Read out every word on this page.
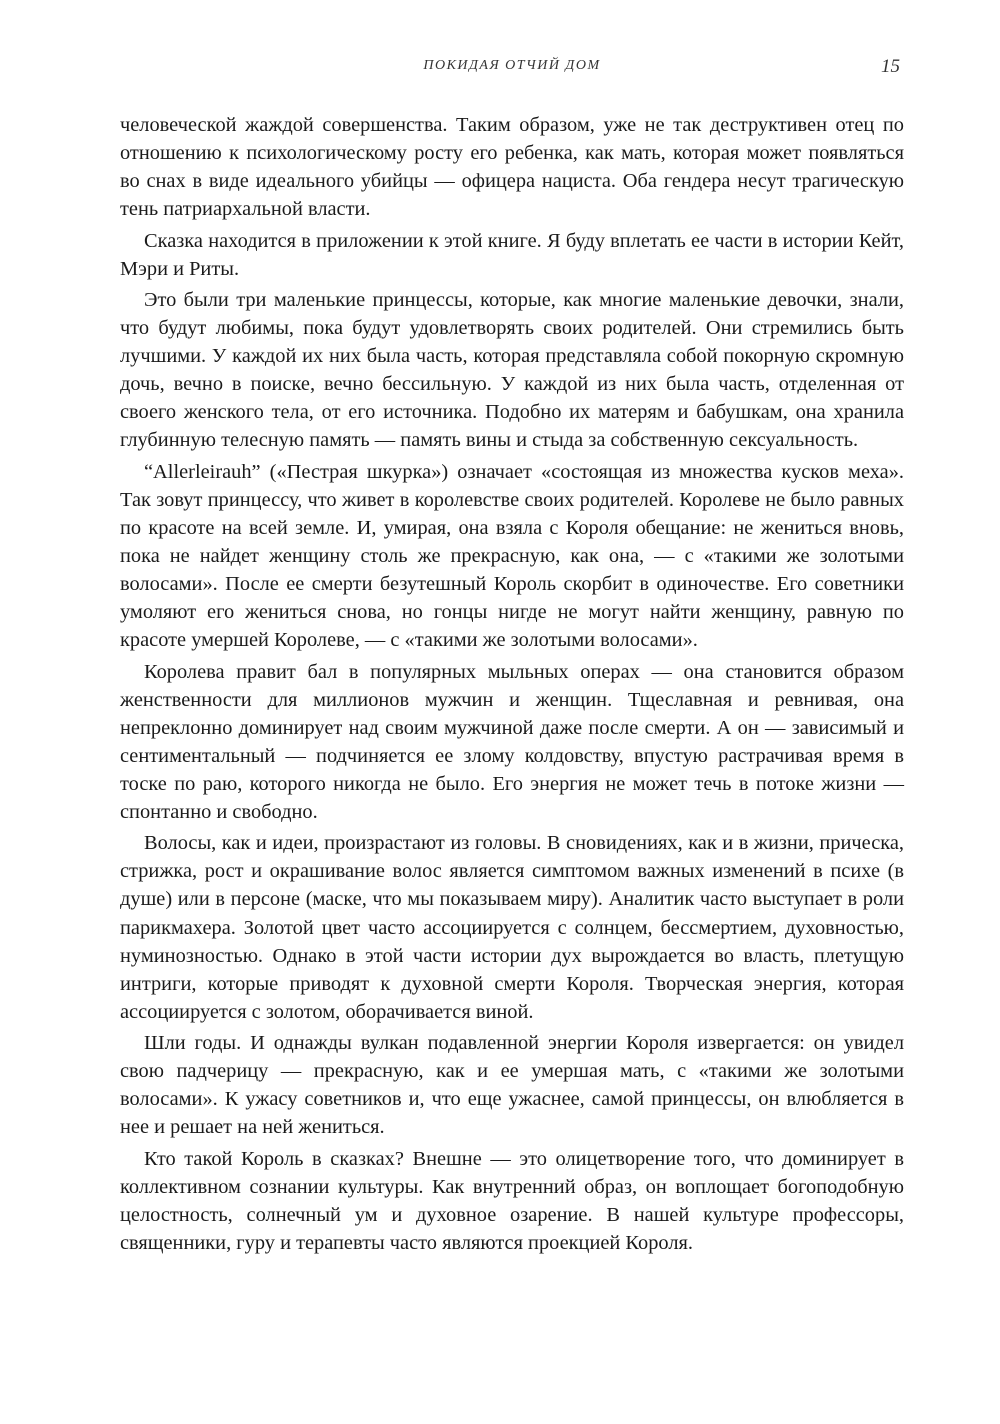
ПОКИДАЯ ОТЧИЙ ДОМ	15

человеческой жаждой совершенства. Таким образом, уже не так деструктивен отец по отношению к психологическому росту его ребенка, как мать, которая может появляться во снах в виде идеального убийцы — офицера нациста. Оба гендера несут трагическую тень патриархальной власти.

Сказка находится в приложении к этой книге. Я буду вплетать ее части в истории Кейт, Мэри и Риты.

Это были три маленькие принцессы, которые, как многие маленькие девочки, знали, что будут любимы, пока будут удовлетворять своих родителей. Они стремились быть лучшими. У каждой их них была часть, которая представляла собой покорную скромную дочь, вечно в поиске, вечно бессильную. У каждой из них была часть, отделенная от своего женского тела, от его источника. Подобно их матерям и бабушкам, она хранила глубинную телесную память — память вины и стыда за собственную сексуальность.

“Allerleirauh” («Пестрая шкурка») означает «состоящая из множества кусков меха». Так зовут принцессу, что живет в королевстве своих родителей. Королеве не было равных по красоте на всей земле. И, умирая, она взяла с Короля обещание: не жениться вновь, пока не найдет женщину столь же прекрасную, как она, — с «такими же золотыми волосами». После ее смерти безутешный Король скорбит в одиночестве. Его советники умоляют его жениться снова, но гонцы нигде не могут найти женщину, равную по красоте умершей Королеве, — с «такими же золотыми волосами».

Королева правит бал в популярных мыльных операх — она становится образом женственности для миллионов мужчин и женщин. Тщеславная и ревнивая, она непреклонно доминирует над своим мужчиной даже после смерти. А он — зависимый и сентиментальный — подчиняется ее злому колдовству, впустую растрачивая время в тоске по раю, которого никогда не было. Его энергия не может течь в потоке жизни — спонтанно и свободно.

Волосы, как и идеи, произрастают из головы. В сновидениях, как и в жизни, прическа, стрижка, рост и окрашивание волос является симптомом важных изменений в психе (в душе) или в персоне (маске, что мы показываем миру). Аналитик часто выступает в роли парикмахера. Золотой цвет часто ассоциируется с солнцем, бессмертием, духовностью, нуминозностью. Однако в этой части истории дух вырождается во власть, плетущую интриги, которые приводят к духовной смерти Короля. Творческая энергия, которая ассоциируется с золотом, оборачивается виной.

Шли годы. И однажды вулкан подавленной энергии Короля извергается: он увидел свою падчерицу — прекрасную, как и ее умершая мать, с «такими же золотыми волосами». К ужасу советников и, что еще ужаснее, самой принцессы, он влюбляется в нее и решает на ней жениться.

Кто такой Король в сказках? Внешне — это олицетворение того, что доминирует в коллективном сознании культуры. Как внутренний образ, он воплощает богоподобную целостность, солнечный ум и духовное озарение. В нашей культуре профессоры, священники, гуру и терапевты часто являются проекцией Короля.
